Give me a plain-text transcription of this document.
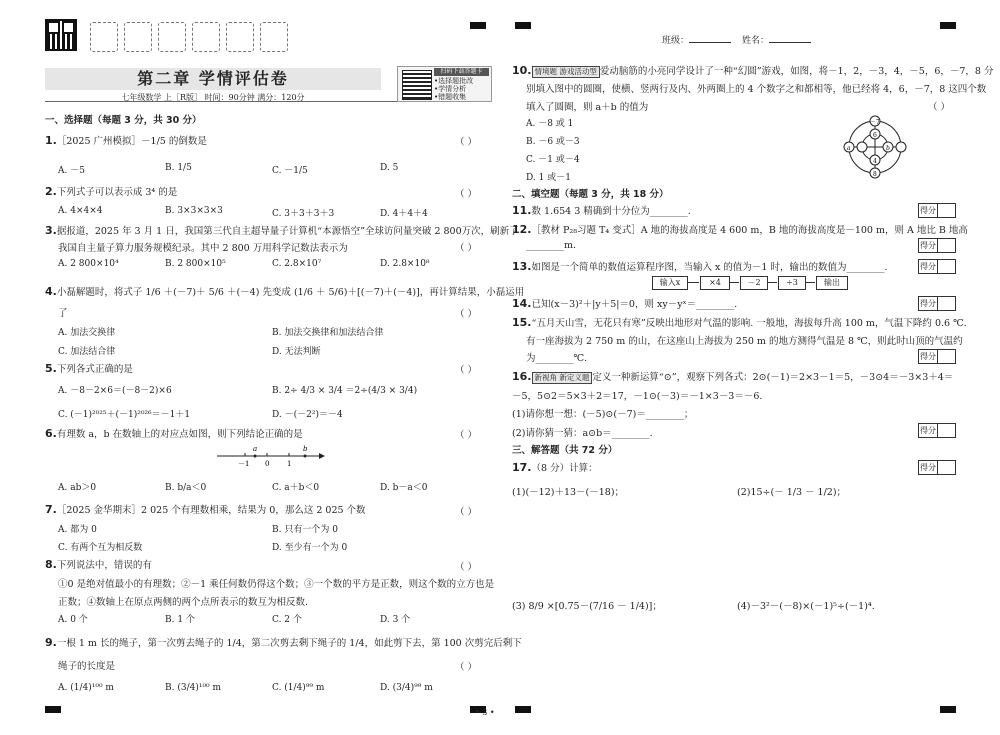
第二章 学情评估卷
七年级数学 上［R版］ 时间：90分钟 满分：120分
扫码下载答题卡
•选择题批改
•学情分析
•错题收集
一、选择题（每题 3 分，共 30 分）
1.［2025 广州模拟］－1/5 的倒数是	（ ）
A. －5	B. 1/5	C. －1/5	D. 5
2.下列式子可以表示成 3⁴ 的是	（ ）
A. 4×4×4	B. 3×3×3×3	C. 3＋3＋3＋3	D. 4＋4＋4
3.据报道，2025 年 3 月 1 日，我国第三代自主超导量子计算机“本源悟空”全球访问量突破 2 800万次，刷新了
我国自主量子算力服务规模纪录。其中 2 800 万用科学记数法表示为	（ ）
A. 2 800×10⁴	B. 2 800×10⁵	C. 2.8×10⁷	D. 2.8×10⁸
4.小磊解题时，将式子 1/6 ＋(－7)＋ 5/6 ＋(－4) 先变成 (1/6 ＋ 5/6)＋[(－7)＋(－4)]，再计算结果，小磊运用
了	（ ）
A. 加法交换律	B. 加法交换律和加法结合律
C. 加法结合律	D. 无法判断
5.下列各式正确的是	（ ）
A. －8－2×6＝(－8－2)×6	B. 2÷ 4/3 × 3/4 ＝2÷(4/3 × 3/4)
C. (－1)²⁰²⁵＋(－1)²⁰²⁶＝－1＋1	D. －(－2²)＝－4
6.有理数 a，b 在数轴上的对应点如图，则下列结论正确的是	（ ）
a	b
－1 0	1
A. ab＞0	B. b/a＜0	C. a＋b＜0	D. b－a＜0
7.［2025 金华期末］2 025 个有理数相乘，结果为 0，那么这 2 025 个数	（ ）
A. 都为 0	B. 只有一个为 0
C. 有两个互为相反数	D. 至少有一个为 0
8.下列说法中，错误的有	（ ）
①0 是绝对值最小的有理数；②－1 乘任何数仍得这个数；③一个数的平方是正数，则这个数的立方也是
正数；④数轴上在原点两侧的两个点所表示的数互为相反数.
A. 0 个	B. 1 个	C. 2 个	D. 3 个
9.一根 1 m 长的绳子，第一次剪去绳子的 1/4，第二次剪去剩下绳子的 1/4，如此剪下去，第 100 次剪完后剩下
绳子的长度是	（ ）
A. (1/4)¹⁰⁰ m	B. (3/4)¹⁰⁰ m	C. (1/4)⁹⁹ m	D. (3/4)⁹⁹ m
• 3 •
班级：	姓名：
10. 情境题 游戏活动型 爱动脑筋的小亮同学设计了一种“幻圆”游戏，如图，将－1，2，－3，4，－5，6，－7，8 分
别填入图中的圆圈，使横、竖两行及内、外两圈上的 4 个数字之和都相等，他已经将 4，6，－7，8 这四个数
填入了圆圈，则 a＋b 的值为	（ ）
A. －8 或 1
B. －6 或－3
C. －1 或－4
D. 1 或－1
－7
6
4
a	b
8
二、填空题（每题 3 分，共 18 分）
11.数 1.654 3 精确到十分位为________.	得分
12.［教材 P₂₈习题 T₄ 变式］A 地的海拔高度是 4 600 m，B 地的海拔高度是－100 m，则 A 地比 B 地高
________m.	得分
13.如图是一个简单的数值运算程序图，当输入 x 的值为－1 时，输出的数值为________.	得分
输入x	×4	－2	÷3	输出
14.已知(x－3)²＋|y＋5|＝0，则 xy－yˣ＝________.	得分
15.“五月天山雪，无花只有寒”反映出地形对气温的影响. 一般地，海拔每升高 100 m，气温下降约 0.6 ℃.
有一座海拔为 2 750 m 的山，在这座山上海拔为 250 m 的地方测得气温是 8 ℃，则此时山顶的气温约
为________℃.	得分
16. 新视角 新定义题 定义一种新运算“⊙”，观察下列各式：2⊙(－1)＝2×3－1＝5，－3⊙4＝－3×3＋4＝
－5，5⊙2＝5×3＋2＝17，－1⊙(－3)＝－1×3－3＝－6.
(1)请你想一想：(－5)⊙(－7)＝________；
(2)请你猜一猜：a⊙b＝________.	得分
三、解答题（共 72 分）
17.（8 分）计算：	得分
(1)(－12)＋13－(－18)；	(2)15÷(－ 1/3 － 1/2)；
(3) 8/9 ×[0.75－(7/16 － 1/4)]；	(4)－3²－(－8)×(－1)⁵÷(－1)⁴.
